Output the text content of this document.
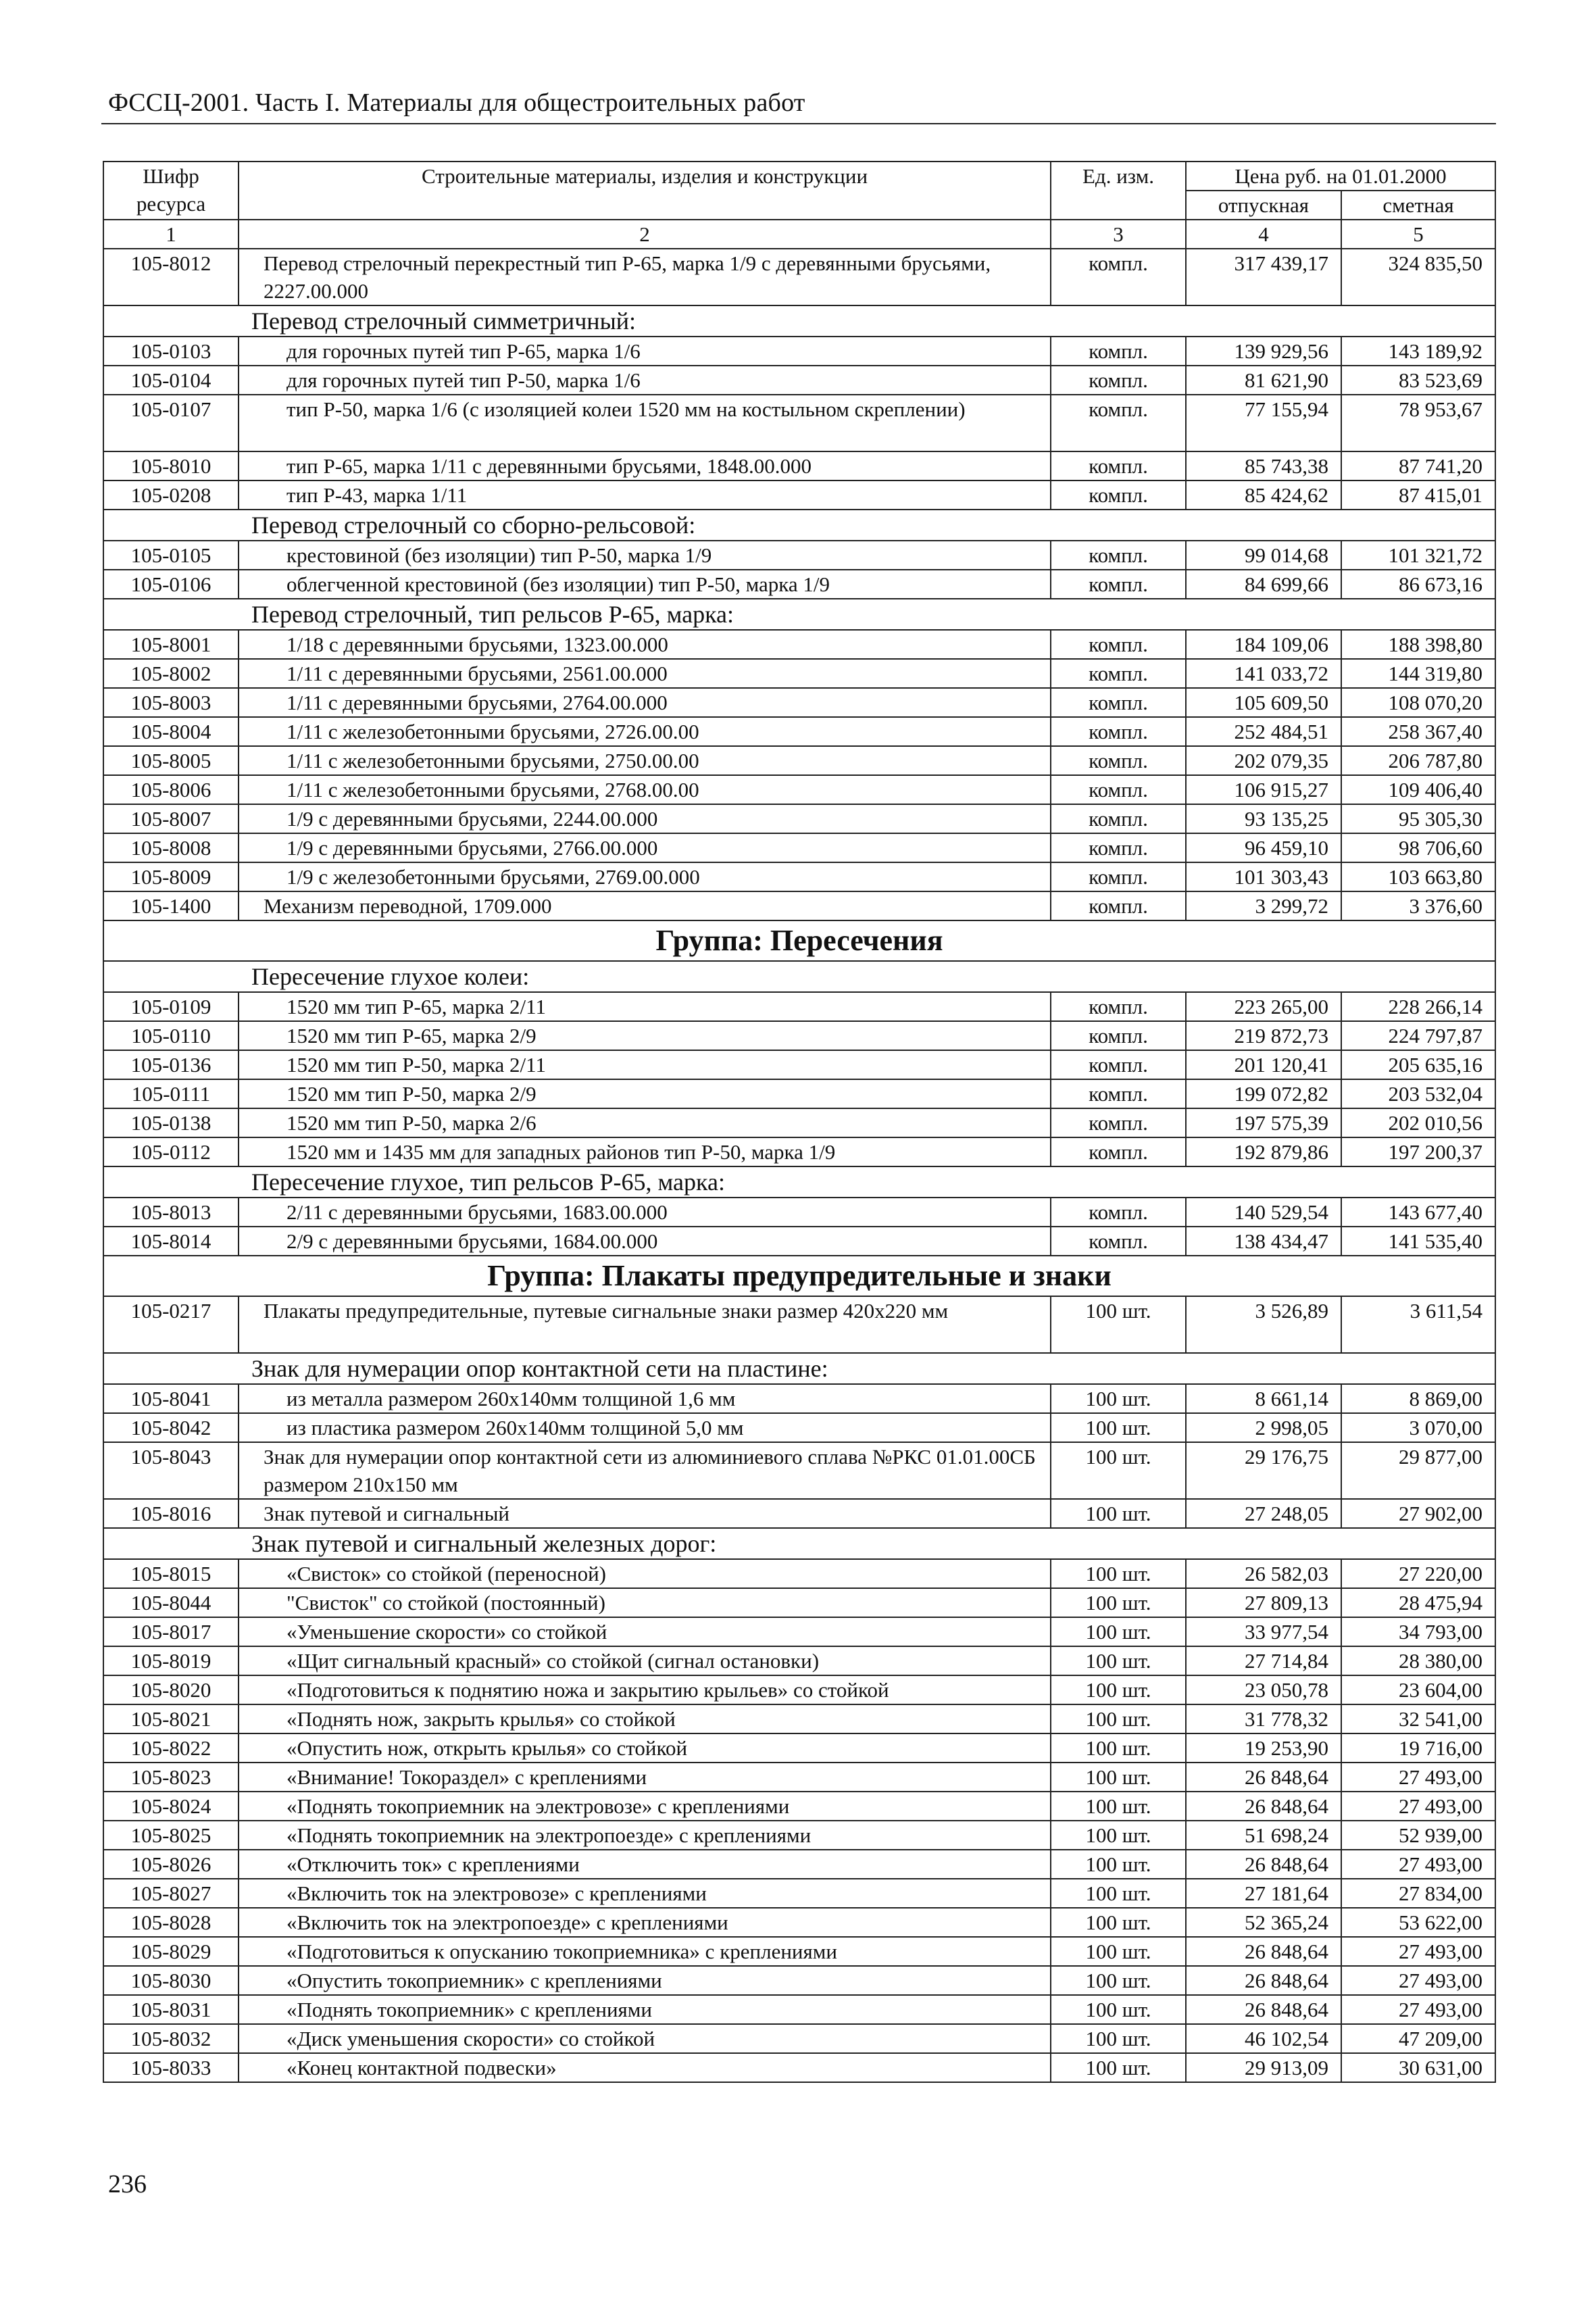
ФССЦ-2001. Часть I. Материалы для общестроительных работ
Шифр ресурса	Строительные материалы, изделия и конструкции	Ед. изм.	Цена руб. на 01.01.2000	
			отпускная	сметная
1	2	3	4	5
105-8012	Перевод стрелочный перекрестный тип Р-65, марка 1/9 с деревянными брусьями, 2227.00.000	компл.	317 439,17	324 835,50
Перевод стрелочный симметричный:				
105-0103	для горочных путей тип Р-65, марка 1/6	компл.	139 929,56	143 189,92
105-0104	для горочных путей тип Р-50, марка 1/6	компл.	81 621,90	83 523,69
105-0107	тип Р-50, марка 1/6 (с изоляцией колеи 1520 мм на костыльном скреплении)	компл.	77 155,94	78 953,67
105-8010	тип Р-65, марка 1/11 с деревянными брусьями, 1848.00.000	компл.	85 743,38	87 741,20
105-0208	тип Р-43, марка 1/11	компл.	85 424,62	87 415,01
Перевод стрелочный со сборно-рельсовой:				
105-0105	крестовиной (без изоляции) тип Р-50, марка 1/9	компл.	99 014,68	101 321,72
105-0106	облегченной крестовиной (без изоляции) тип Р-50, марка 1/9	компл.	84 699,66	86 673,16
Перевод стрелочный, тип рельсов Р-65, марка:				
105-8001	1/18 с деревянными брусьями, 1323.00.000	компл.	184 109,06	188 398,80
105-8002	1/11 с деревянными брусьями, 2561.00.000	компл.	141 033,72	144 319,80
105-8003	1/11 с деревянными брусьями, 2764.00.000	компл.	105 609,50	108 070,20
105-8004	1/11 с железобетонными брусьями, 2726.00.00	компл.	252 484,51	258 367,40
105-8005	1/11 с железобетонными брусьями, 2750.00.00	компл.	202 079,35	206 787,80
105-8006	1/11 с железобетонными брусьями, 2768.00.00	компл.	106 915,27	109 406,40
105-8007	1/9 с деревянными брусьями, 2244.00.000	компл.	93 135,25	95 305,30
105-8008	1/9 с деревянными брусьями, 2766.00.000	компл.	96 459,10	98 706,60
105-8009	1/9 с железобетонными брусьями, 2769.00.000	компл.	101 303,43	103 663,80
105-1400	Механизм переводной, 1709.000	компл.	3 299,72	3 376,60
Группа: Пересечения				
Пересечение глухое колеи:				
105-0109	1520 мм тип Р-65, марка 2/11	компл.	223 265,00	228 266,14
105-0110	1520 мм тип Р-65, марка 2/9	компл.	219 872,73	224 797,87
105-0136	1520 мм тип Р-50, марка 2/11	компл.	201 120,41	205 635,16
105-0111	1520 мм тип Р-50, марка 2/9	компл.	199 072,82	203 532,04
105-0138	1520 мм тип Р-50, марка 2/6	компл.	197 575,39	202 010,56
105-0112	1520 мм и 1435 мм для западных районов тип Р-50, марка 1/9	компл.	192 879,86	197 200,37
Пересечение глухое, тип рельсов Р-65, марка:				
105-8013	2/11 с деревянными брусьями, 1683.00.000	компл.	140 529,54	143 677,40
105-8014	2/9 с деревянными брусьями, 1684.00.000	компл.	138 434,47	141 535,40
Группа: Плакаты предупредительные и знаки				
105-0217	Плакаты предупредительные, путевые сигнальные знаки размер 420х220 мм	100 шт.	3 526,89	3 611,54
Знак для нумерации опор контактной сети на пластине:				
105-8041	из металла размером 260х140мм толщиной 1,6 мм	100 шт.	8 661,14	8 869,00
105-8042	из пластика размером 260х140мм толщиной 5,0 мм	100 шт.	2 998,05	3 070,00
105-8043	Знак для нумерации опор контактной сети из алюминиевого сплава №РКС 01.01.00СБ размером 210х150 мм	100 шт.	29 176,75	29 877,00
105-8016	Знак путевой и сигнальный	100 шт.	27 248,05	27 902,00
Знак путевой и сигнальный железных дорог:				
105-8015	«Свисток» со стойкой (переносной)	100 шт.	26 582,03	27 220,00
105-8044	"Свисток" со стойкой (постоянный)	100 шт.	27 809,13	28 475,94
105-8017	«Уменьшение скорости» со стойкой	100 шт.	33 977,54	34 793,00
105-8019	«Щит сигнальный красный» со стойкой (сигнал остановки)	100 шт.	27 714,84	28 380,00
105-8020	«Подготовиться к поднятию ножа и закрытию крыльев» со стойкой	100 шт.	23 050,78	23 604,00
105-8021	«Поднять нож, закрыть крылья» со стойкой	100 шт.	31 778,32	32 541,00
105-8022	«Опустить нож, открыть крылья» со стойкой	100 шт.	19 253,90	19 716,00
105-8023	«Внимание! Токораздел» с креплениями	100 шт.	26 848,64	27 493,00
105-8024	«Поднять токоприемник на электровозе» с креплениями	100 шт.	26 848,64	27 493,00
105-8025	«Поднять токоприемник на электропоезде» с креплениями	100 шт.	51 698,24	52 939,00
105-8026	«Отключить ток» с креплениями	100 шт.	26 848,64	27 493,00
105-8027	«Включить ток на электровозе» с креплениями	100 шт.	27 181,64	27 834,00
105-8028	«Включить ток на электропоезде» с креплениями	100 шт.	52 365,24	53 622,00
105-8029	«Подготовиться к опусканию токоприемника» с креплениями	100 шт.	26 848,64	27 493,00
105-8030	«Опустить токоприемник» с креплениями	100 шт.	26 848,64	27 493,00
105-8031	«Поднять токоприемник» с креплениями	100 шт.	26 848,64	27 493,00
105-8032	«Диск уменьшения скорости» со стойкой	100 шт.	46 102,54	47 209,00
105-8033	«Конец контактной подвески»	100 шт.	29 913,09	30 631,00
236
